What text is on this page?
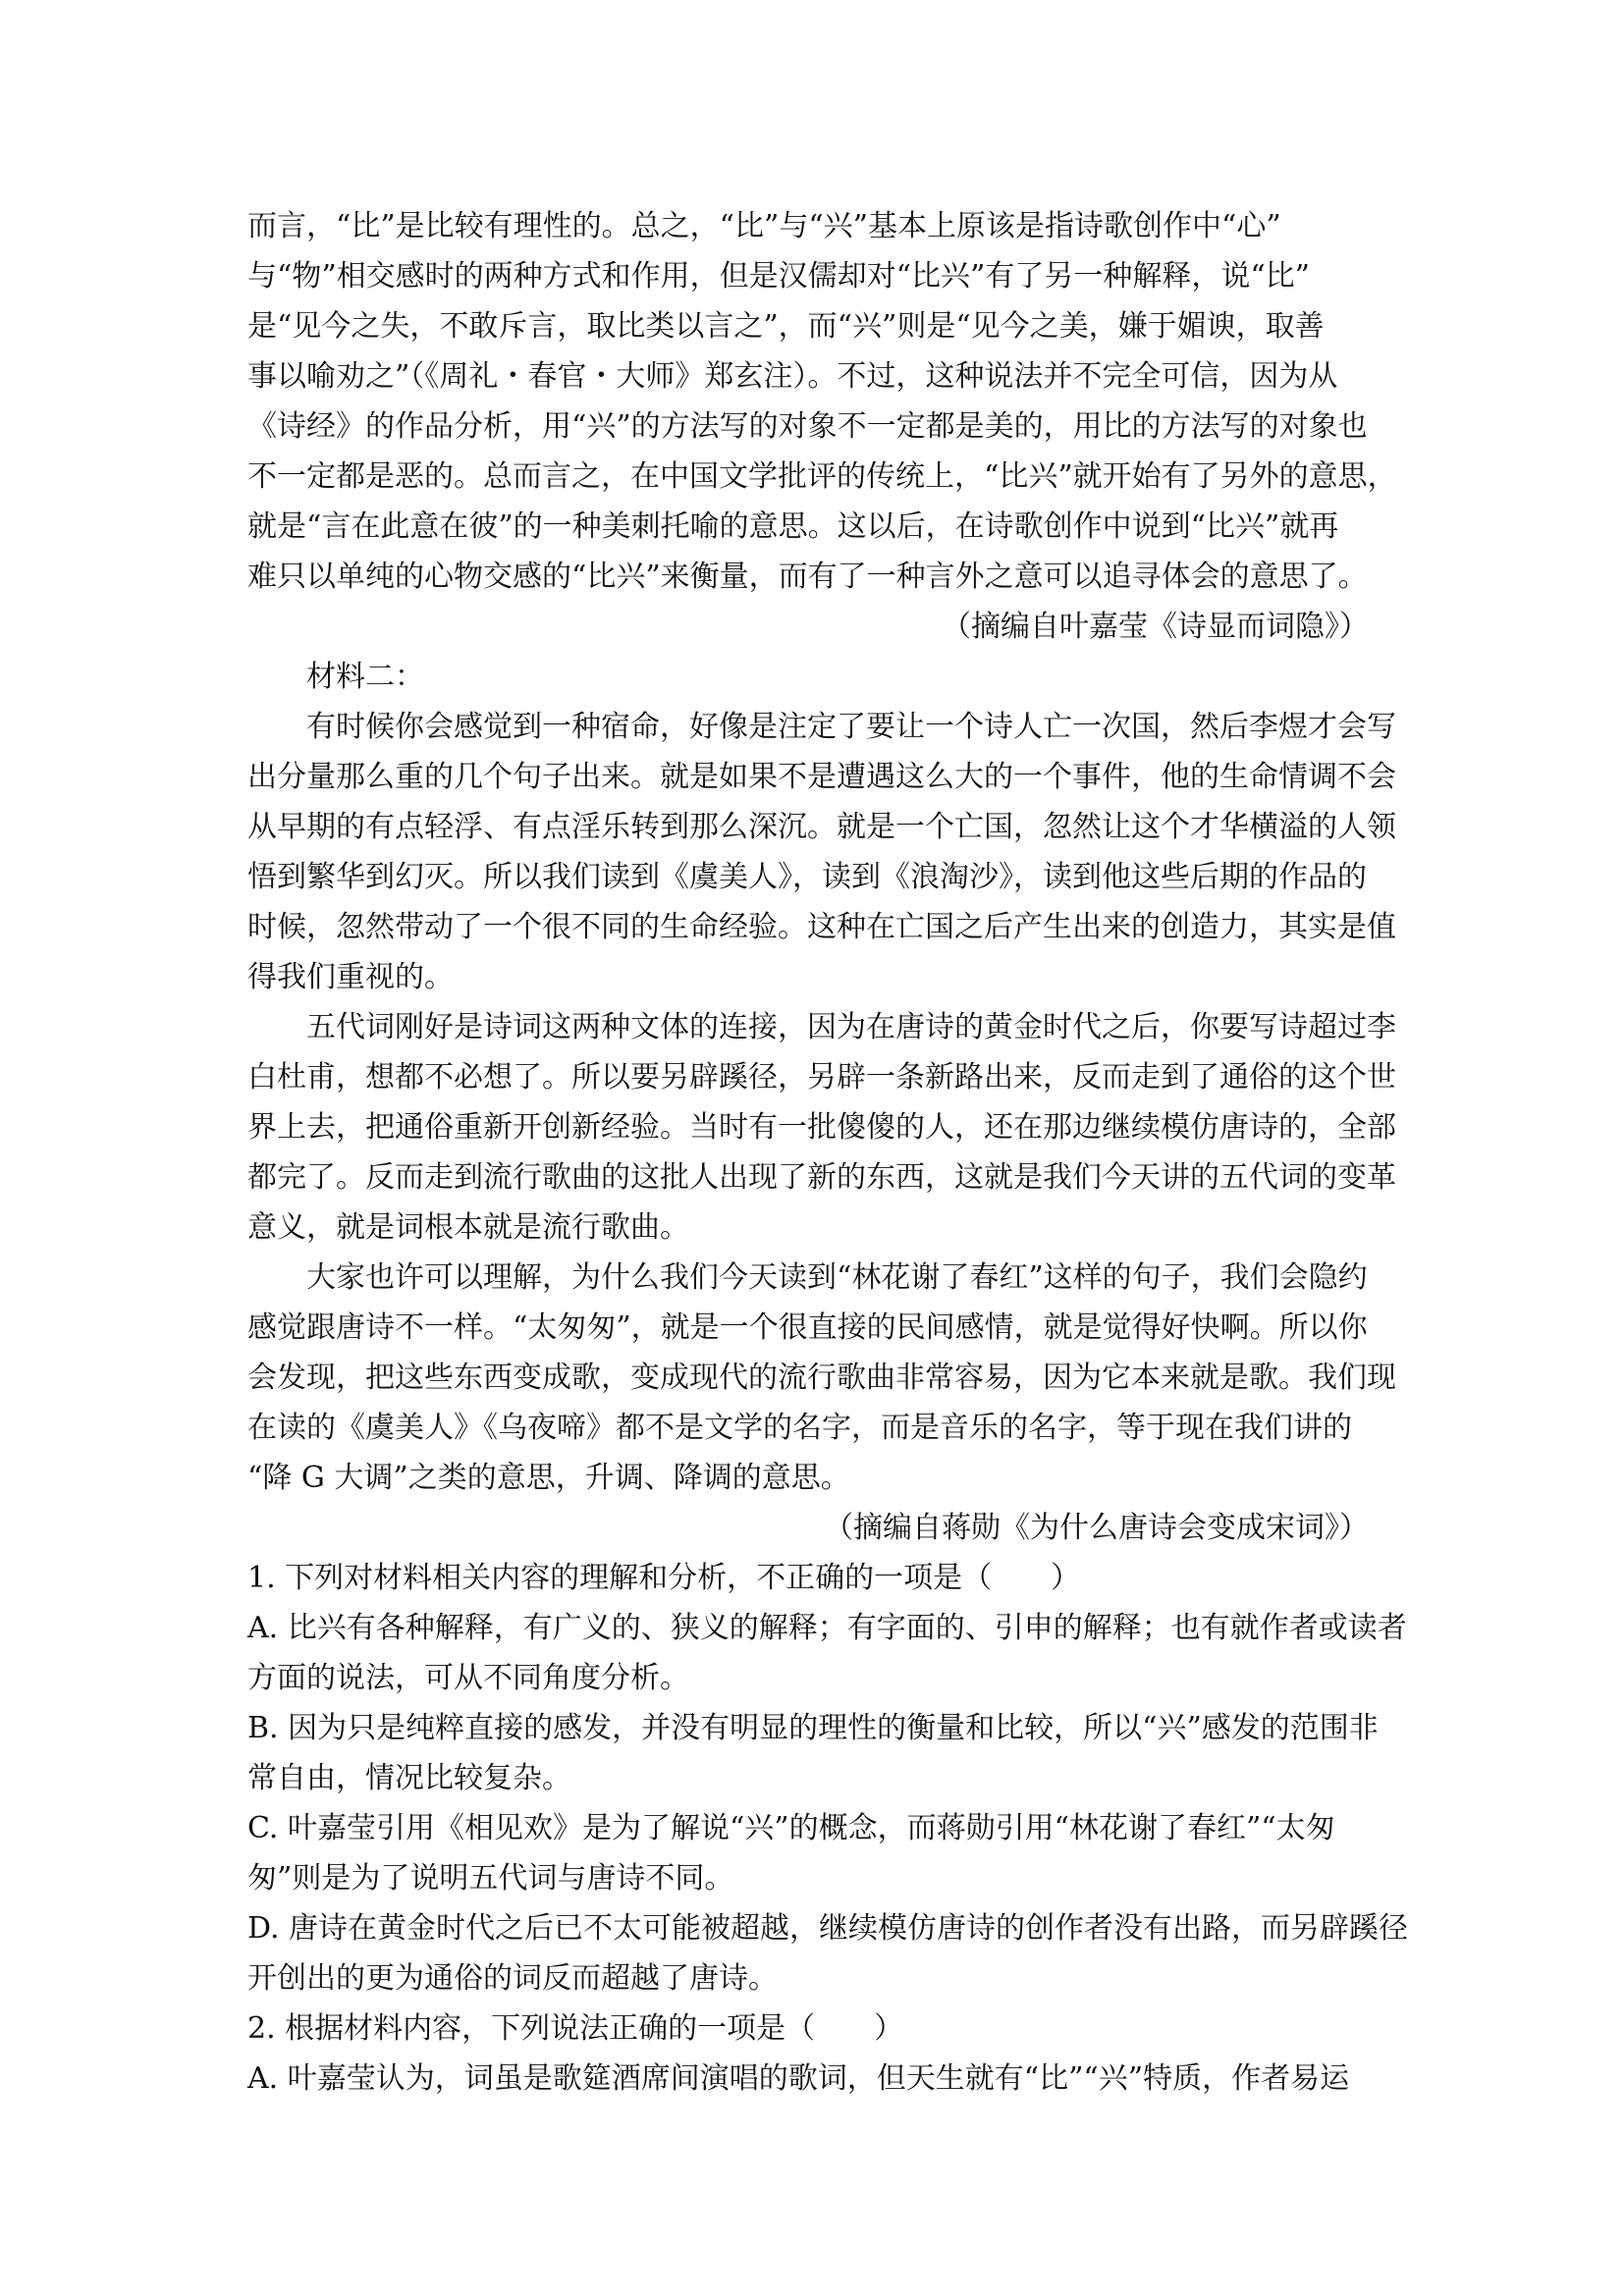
而言，“比”是比较有理性的。总之，“比”与“兴”基本上原该是指诗歌创作中“心”
与“物”相交感时的两种方式和作用，但是汉儒却对“比兴”有了另一种解释，说“比”
是“见今之失，不敢斥言，取比类以言之”，而“兴”则是“见今之美，嫌于媚谀，取善
事以喻劝之”（《周礼・春官・大师》郑玄注）。不过，这种说法并不完全可信，因为从
《诗经》的作品分析，用“兴”的方法写的对象不一定都是美的，用比的方法写的对象也
不一定都是恶的。总而言之，在中国文学批评的传统上，“比兴”就开始有了另外的意思，
就是“言在此意在彼”的一种美刺托喻的意思。这以后，在诗歌创作中说到“比兴”就再
难只以单纯的心物交感的“比兴”来衡量，而有了一种言外之意可以追寻体会的意思了。
（摘编自叶嘉莹《诗显而词隐》）
材料二：
有时候你会感觉到一种宿命，好像是注定了要让一个诗人亡一次国，然后李煜才会写
出分量那么重的几个句子出来。就是如果不是遭遇这么大的一个事件，他的生命情调不会
从早期的有点轻浮、有点淫乐转到那么深沉。就是一个亡国，忽然让这个才华横溢的人领
悟到繁华到幻灭。所以我们读到《虞美人》，读到《浪淘沙》，读到他这些后期的作品的
时候，忽然带动了一个很不同的生命经验。这种在亡国之后产生出来的创造力，其实是值
得我们重视的。
五代词刚好是诗词这两种文体的连接，因为在唐诗的黄金时代之后，你要写诗超过李
白杜甫，想都不必想了。所以要另辟蹊径，另辟一条新路出来，反而走到了通俗的这个世
界上去，把通俗重新开创新经验。当时有一批傻傻的人，还在那边继续模仿唐诗的，全部
都完了。反而走到流行歌曲的这批人出现了新的东西，这就是我们今天讲的五代词的变革
意义，就是词根本就是流行歌曲。
大家也许可以理解，为什么我们今天读到“林花谢了春红”这样的句子，我们会隐约
感觉跟唐诗不一样。“太匆匆”，就是一个很直接的民间感情，就是觉得好快啊。所以你
会发现，把这些东西变成歌，变成现代的流行歌曲非常容易，因为它本来就是歌。我们现
在读的《虞美人》《乌夜啼》都不是文学的名字，而是音乐的名字，等于现在我们讲的
“降 G 大调”之类的意思，升调、降调的意思。
（摘编自蒋勋《为什么唐诗会变成宋词》）
1. 下列对材料相关内容的理解和分析，不正确的一项是（　　）
A. 比兴有各种解释，有广义的、狭义的解释；有字面的、引申的解释；也有就作者或读者
方面的说法，可从不同角度分析。
B. 因为只是纯粹直接的感发，并没有明显的理性的衡量和比较，所以“兴”感发的范围非
常自由，情况比较复杂。
C. 叶嘉莹引用《相见欢》是为了解说“兴”的概念，而蒋勋引用“林花谢了春红”“太匆
匆”则是为了说明五代词与唐诗不同。
D. 唐诗在黄金时代之后已不太可能被超越，继续模仿唐诗的创作者没有出路，而另辟蹊径
开创出的更为通俗的词反而超越了唐诗。
2. 根据材料内容，下列说法正确的一项是（　　）
A. 叶嘉莹认为，词虽是歌筵酒席间演唱的歌词，但天生就有“比”“兴”特质，作者易运
